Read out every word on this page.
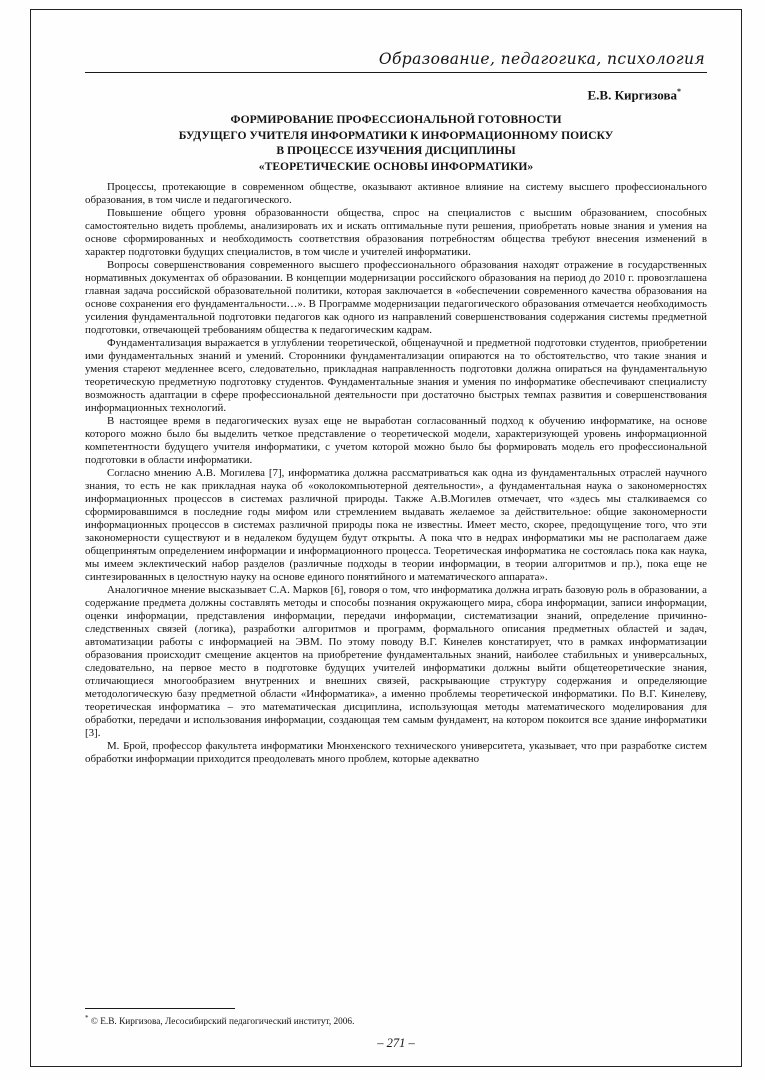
Образование, педагогика, психология
Е.В. Киргизова*
ФОРМИРОВАНИЕ ПРОФЕССИОНАЛЬНОЙ ГОТОВНОСТИ
БУДУЩЕГО УЧИТЕЛЯ ИНФОРМАТИКИ К ИНФОРМАЦИОННОМУ ПОИСКУ
В ПРОЦЕССЕ ИЗУЧЕНИЯ ДИСЦИПЛИНЫ
«ТЕОРЕТИЧЕСКИЕ ОСНОВЫ ИНФОРМАТИКИ»

Процессы, протекающие в современном обществе, оказывают активное влияние на систему высшего профессионального образования, в том числе и педагогического.

Повышение общего уровня образованности общества, спрос на специалистов с высшим образованием, способных самостоятельно видеть проблемы, анализировать их и искать оптимальные пути решения, приобретать новые знания и умения на основе сформированных и необходимость соответствия образования потребностям общества требуют внесения изменений в характер подготовки будущих специалистов, в том числе и учителей информатики.

Вопросы совершенствования современного высшего профессионального образования находят отражение в государственных нормативных документах об образовании. В концепции модернизации российского образования на период до 2010 г. провозглашена главная задача российской образовательной политики, которая заключается в «обеспечении современного качества образования на основе сохранения его фундаментальности…». В Программе модернизации педагогического образования отмечается необходимость усиления фундаментальной подготовки педагогов как одного из направлений совершенствования содержания системы предметной подготовки, отвечающей требованиям общества к педагогическим кадрам.

Фундаментализация выражается в углублении теоретической, общенаучной и предметной подготовки студентов, приобретении ими фундаментальных знаний и умений. Сторонники фундаментализации опираются на то обстоятельство, что такие знания и умения стареют медленнее всего, следовательно, прикладная направленность подготовки должна опираться на фундаментальную теоретическую предметную подготовку студентов. Фундаментальные знания и умения по информатике обеспечивают специалисту возможность адаптации в сфере профессиональной деятельности при достаточно быстрых темпах развития и совершенствования информационных технологий.

В настоящее время в педагогических вузах еще не выработан согласованный подход к обучению информатике, на основе которого можно было бы выделить четкое представление о теоретической модели, характеризующей уровень информационной компетентности будущего учителя информатики, с учетом которой можно было бы формировать модель его профессиональной подготовки в области информатики.

Согласно мнению А.В. Могилева [7], информатика должна рассматриваться как одна из фундаментальных отраслей научного знания, то есть не как прикладная наука об «околокомпьютерной деятельности», а фундаментальная наука о закономерностях информационных процессов в системах различной природы. Также А.В.Могилев отмечает, что «здесь мы сталкиваемся со сформировавшимся в последние годы мифом или стремлением выдавать желаемое за действительное: общие закономерности информационных процессов в системах различной природы пока не известны. Имеет место, скорее, предощущение того, что эти закономерности существуют и в недалеком будущем будут открыты. А пока что в недрах информатики мы не располагаем даже общепринятым определением информации и информационного процесса. Теоретическая информатика не состоялась пока как наука, мы имеем эклектический набор разделов (различные подходы в теории информации, в теории алгоритмов и пр.), пока еще не синтезированных в целостную науку на основе единого понятийного и математического аппарата».

Аналогичное мнение высказывает С.А. Марков [6], говоря о том, что информатика должна играть базовую роль в образовании, а содержание предмета должны составлять методы и способы познания окружающего мира, сбора информации, записи информации, оценки информации, представления информации, передачи информации, систематизации знаний, определение причинно-следственных связей (логика), разработки алгоритмов и программ, формального описания предметных областей и задач, автоматизации работы с информацией на ЭВМ. По этому поводу В.Г. Кинелев констатирует, что в рамках информатизации образования происходит смещение акцентов на приобретение фундаментальных знаний, наиболее стабильных и универсальных, следовательно, на первое место в подготовке будущих учителей информатики должны выйти общетеоретические знания, отличающиеся многообразием внутренних и внешних связей, раскрывающие структуру содержания и определяющие методологическую базу предметной области «Информатика», а именно проблемы теоретической информатики. По В.Г. Кинелеву, теоретическая информатика – это математическая дисциплина, использующая методы математического моделирования для обработки, передачи и использования информации, создающая тем самым фундамент, на котором покоится все здание информатики [3].

М. Брой, профессор факультета информатики Мюнхенского технического университета, указывает, что при разработке систем обработки информации приходится преодолевать много проблем, которые адекватно

* © Е.В. Киргизова, Лесосибирский педагогический институт, 2006.
– 271 –
